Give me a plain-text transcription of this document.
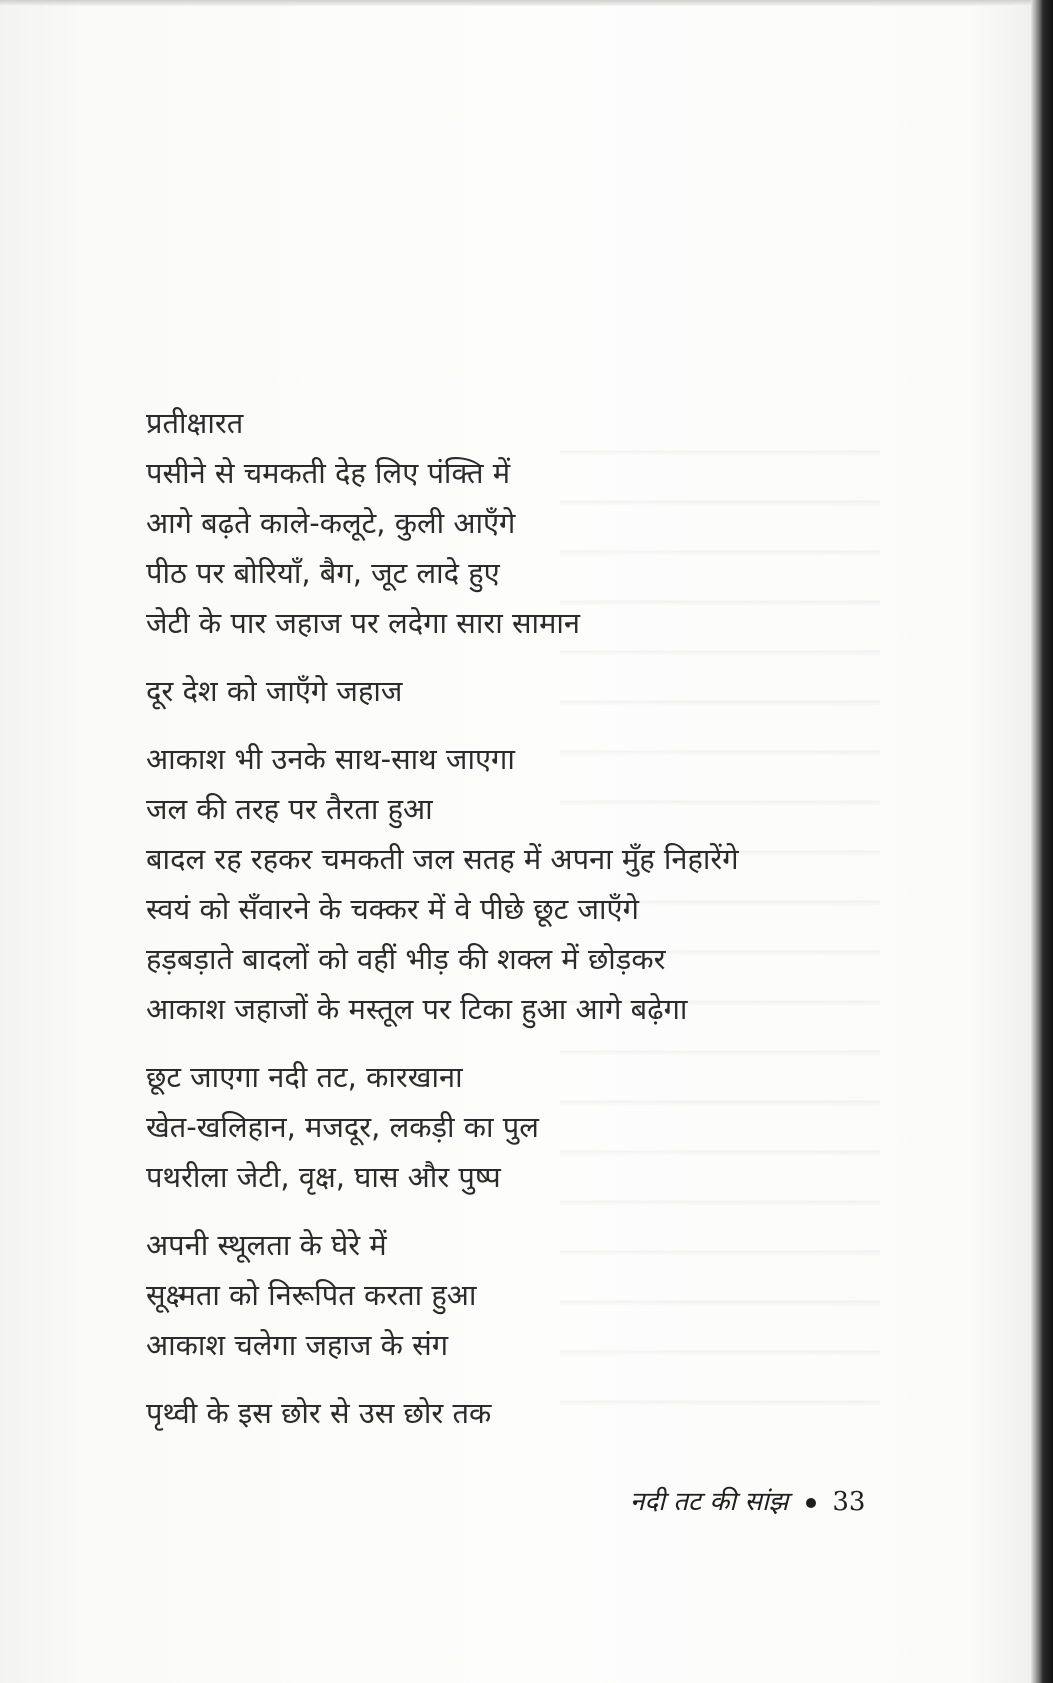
प्रतीक्षारत
पसीने से चमकती देह लिए पंक्ति में
आगे बढ़ते काले-कलूटे, कुली आएँगे
पीठ पर बोरियाँ, बैग, जूट लादे हुए
जेटी के पार जहाज पर लदेगा सारा सामान
दूर देश को जाएँगे जहाज
आकाश भी उनके साथ-साथ जाएगा
जल की तरह पर तैरता हुआ
बादल रह रहकर चमकती जल सतह में अपना मुँह निहारेंगे
स्वयं को सँवारने के चक्कर में वे पीछे छूट जाएँगे
हड़बड़ाते बादलों को वहीं भीड़ की शक्ल में छोड़कर
आकाश जहाजों के मस्तूल पर टिका हुआ आगे बढ़ेगा
छूट जाएगा नदी तट, कारखाना
खेत-खलिहान, मजदूर, लकड़ी का पुल
पथरीला जेटी, वृक्ष, घास और पुष्प
अपनी स्थूलता के घेरे में
सूक्ष्मता को निरूपित करता हुआ
आकाश चलेगा जहाज के संग
पृथ्वी के इस छोर से उस छोर तक
नदी तट की सांझ 33
